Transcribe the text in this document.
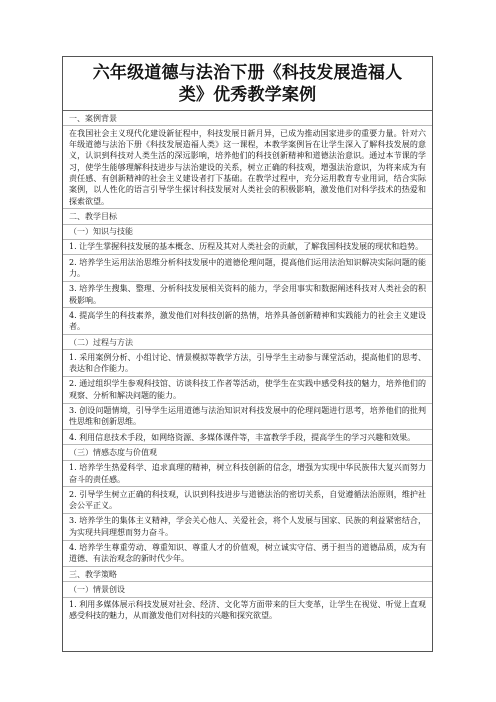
六年级道德与法治下册《科技发展造福人
类》优秀教学案例
一、案例背景
在我国社会主义现代化建设新征程中，科技发展日新月异，已成为推动国家进步的重要力量。针对六年级道德与法治下册《科技发展造福人类》这一课程，本教学案例旨在让学生深入了解科技发展的意义，认识到科技对人类生活的深远影响，培养他们的科技创新精神和道德法治意识。通过本节课的学习，使学生能够理解科技进步与法治建设的关系，树立正确的科技观，增强法治意识，为将来成为有责任感、有创新精神的社会主义建设者打下基础。在教学过程中，充分运用教育专业用词，结合实际案例，以人性化的语言引导学生探讨科技发展对人类社会的积极影响，激发他们对科学技术的热爱和探索欲望。
二、教学目标
（一）知识与技能
1. 让学生掌握科技发展的基本概念、历程及其对人类社会的贡献，了解我国科技发展的现状和趋势。
2. 培养学生运用法治思维分析科技发展中的道德伦理问题，提高他们运用法治知识解决实际问题的能力。
3. 培养学生搜集、整理、分析科技发展相关资料的能力，学会用事实和数据阐述科技对人类社会的积极影响。
4. 提高学生的科技素养，激发他们对科技创新的热情，培养具备创新精神和实践能力的社会主义建设者。
（二）过程与方法
1. 采用案例分析、小组讨论、情景模拟等教学方法，引导学生主动参与课堂活动，提高他们的思考、表达和合作能力。
2. 通过组织学生参观科技馆、访谈科技工作者等活动，使学生在实践中感受科技的魅力，培养他们的观察、分析和解决问题的能力。
3. 创设问题情境，引导学生运用道德与法治知识对科技发展中的伦理问题进行思考，培养他们的批判性思维和创新思维。
4. 利用信息技术手段，如网络资源、多媒体课件等，丰富教学手段，提高学生的学习兴趣和效果。
（三）情感态度与价值观
1. 培养学生热爱科学、追求真理的精神，树立科技创新的信念，增强为实现中华民族伟大复兴而努力奋斗的责任感。
2. 引导学生树立正确的科技观，认识到科技进步与道德法治的密切关系，自觉遵循法治原则，维护社会公平正义。
3. 培养学生的集体主义精神，学会关心他人、关爱社会，将个人发展与国家、民族的利益紧密结合，为实现共同理想而努力奋斗。
4. 培养学生尊重劳动、尊重知识、尊重人才的价值观，树立诚实守信、勇于担当的道德品质，成为有道德、有法治观念的新时代少年。
三、教学策略
（一）情景创设
1. 利用多媒体展示科技发展对社会、经济、文化等方面带来的巨大变革，让学生在视觉、听觉上直观感受科技的魅力，从而激发他们对科技的兴趣和探究欲望。
